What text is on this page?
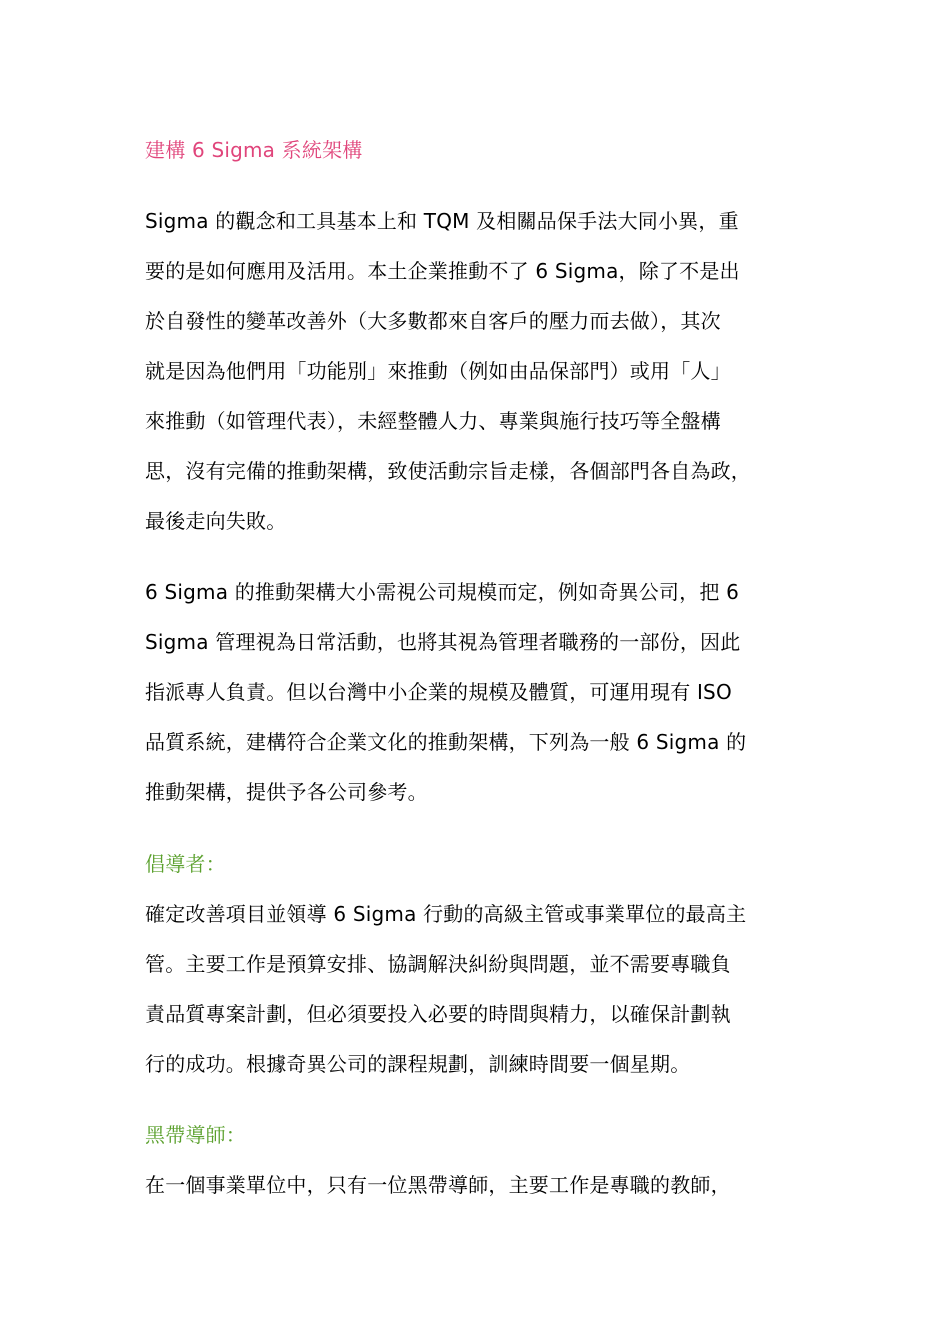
建構 6 Sigma 系統架構
Sigma 的觀念和工具基本上和 TQM 及相關品保手法大同小異，重
要的是如何應用及活用。本土企業推動不了 6 Sigma，除了不是出
於自發性的變革改善外（大多數都來自客戶的壓力而去做），其次
就是因為他們用「功能別」來推動（例如由品保部門）或用「人」
來推動（如管理代表），未經整體人力、專業與施行技巧等全盤構
思，沒有完備的推動架構，致使活動宗旨走樣，各個部門各自為政，
最後走向失敗。
6 Sigma 的推動架構大小需視公司規模而定，例如奇異公司，把 6
Sigma 管理視為日常活動，也將其視為管理者職務的一部份，因此
指派專人負責。但以台灣中小企業的規模及體質，可運用現有 ISO
品質系統，建構符合企業文化的推動架構，下列為一般 6 Sigma 的
推動架構，提供予各公司參考。
倡導者：
確定改善項目並領導 6 Sigma 行動的高級主管或事業單位的最高主
管。主要工作是預算安排、協調解決糾紛與問題，並不需要專職負
責品質專案計劃，但必須要投入必要的時間與精力，以確保計劃執
行的成功。根據奇異公司的課程規劃，訓練時間要一個星期。
黑帶導師：
在一個事業單位中，只有一位黑帶導師，主要工作是專職的教師，
